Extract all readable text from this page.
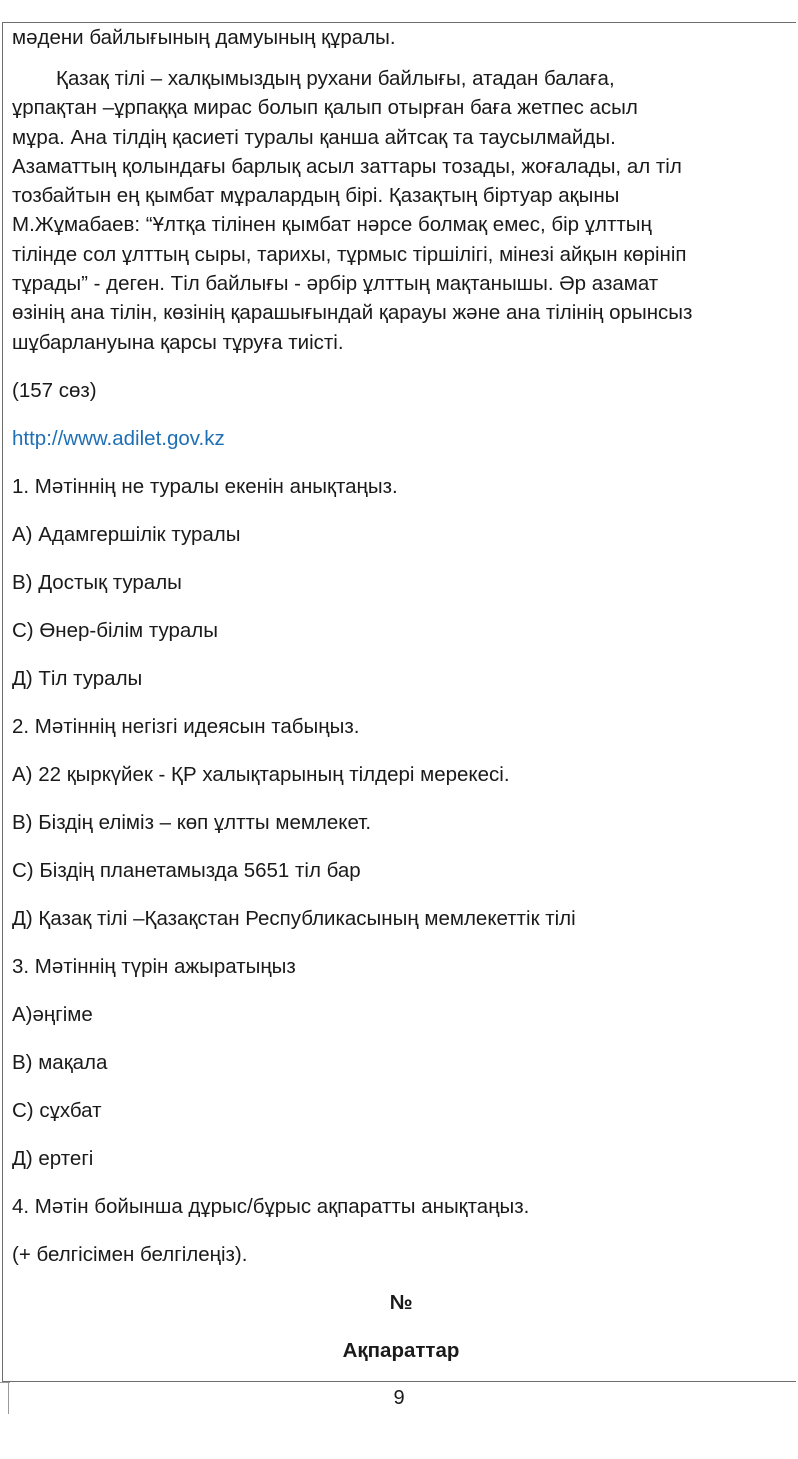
мәдени байлығының дамуының құралы.
Қазақ тілі – халқымыздың рухани байлығы, атадан балаға,
ұрпақтан –ұрпаққа мирас болып қалып отырған баға жетпес асыл
мұра. Ана тілдің қасиеті туралы қанша айтсақ та таусылмайды.
Азаматтың қолындағы барлық асыл заттары тозады, жоғалады, ал тіл
тозбайтын ең қымбат мұралардың бірі. Қазақтың біртуар ақыны
М.Жұмабаев: “Ұлтқа тілінен қымбат нәрсе болмақ емес, бір ұлттың
тілінде сол ұлттың сыры, тарихы, тұрмыс тіршілігі, мінезі айқын көрініп
тұрады” - деген. Тіл байлығы - әрбір ұлттың мақтанышы. Әр азамат
өзінің ана тілін, көзінің қарашығындай қарауы және ана тілінің орынсыз
шұбарлануына қарсы тұруға тиісті.
(157 сөз)
http://www.adilet.gov.kz
1. Мәтіннің не туралы екенін анықтаңыз.
А) Адамгершілік туралы
В) Достық туралы
С) Өнер-білім туралы
Д) Тіл туралы
2. Мәтіннің негізгі идеясын табыңыз.
А) 22 қыркүйек - ҚР халықтарының тілдері мерекесі.
В) Біздің еліміз – көп ұлтты мемлекет.
С) Біздің планетамызда 5651 тіл бар
Д) Қазақ тілі –Қазақстан Республикасының мемлекеттік тілі
3. Мәтіннің түрін ажыратыңыз
А)әңгіме
В) мақала
С) сұхбат
Д) ертегі
4. Мәтін бойынша дұрыс/бұрыс ақпаратты анықтаңыз.
(+ белгісімен белгілеңіз).
№
Ақпараттар
9
